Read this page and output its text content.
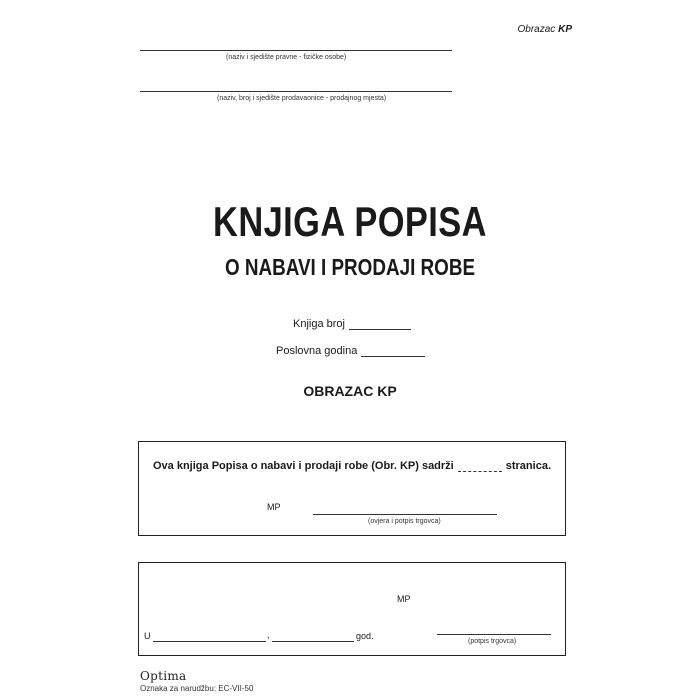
Obrazac KP
(naziv i sjedište pravne - fizičke osobe)
(naziv, broj i sjedište prodavaonice - prodajnog mjesta)
KNJIGA POPISA
O NABAVI I PRODAJI ROBE
Knjiga broj
Poslovna godina
OBRAZAC KP
Ova knjiga Popisa o nabavi i prodaji robe (Obr. KP) sadrži	stranica.
MP
(ovjera i potpis trgovca)
MP
U	,	god.
(potpis trgovca)
Optima
Oznaka za narudžbu: EC-VII-50
